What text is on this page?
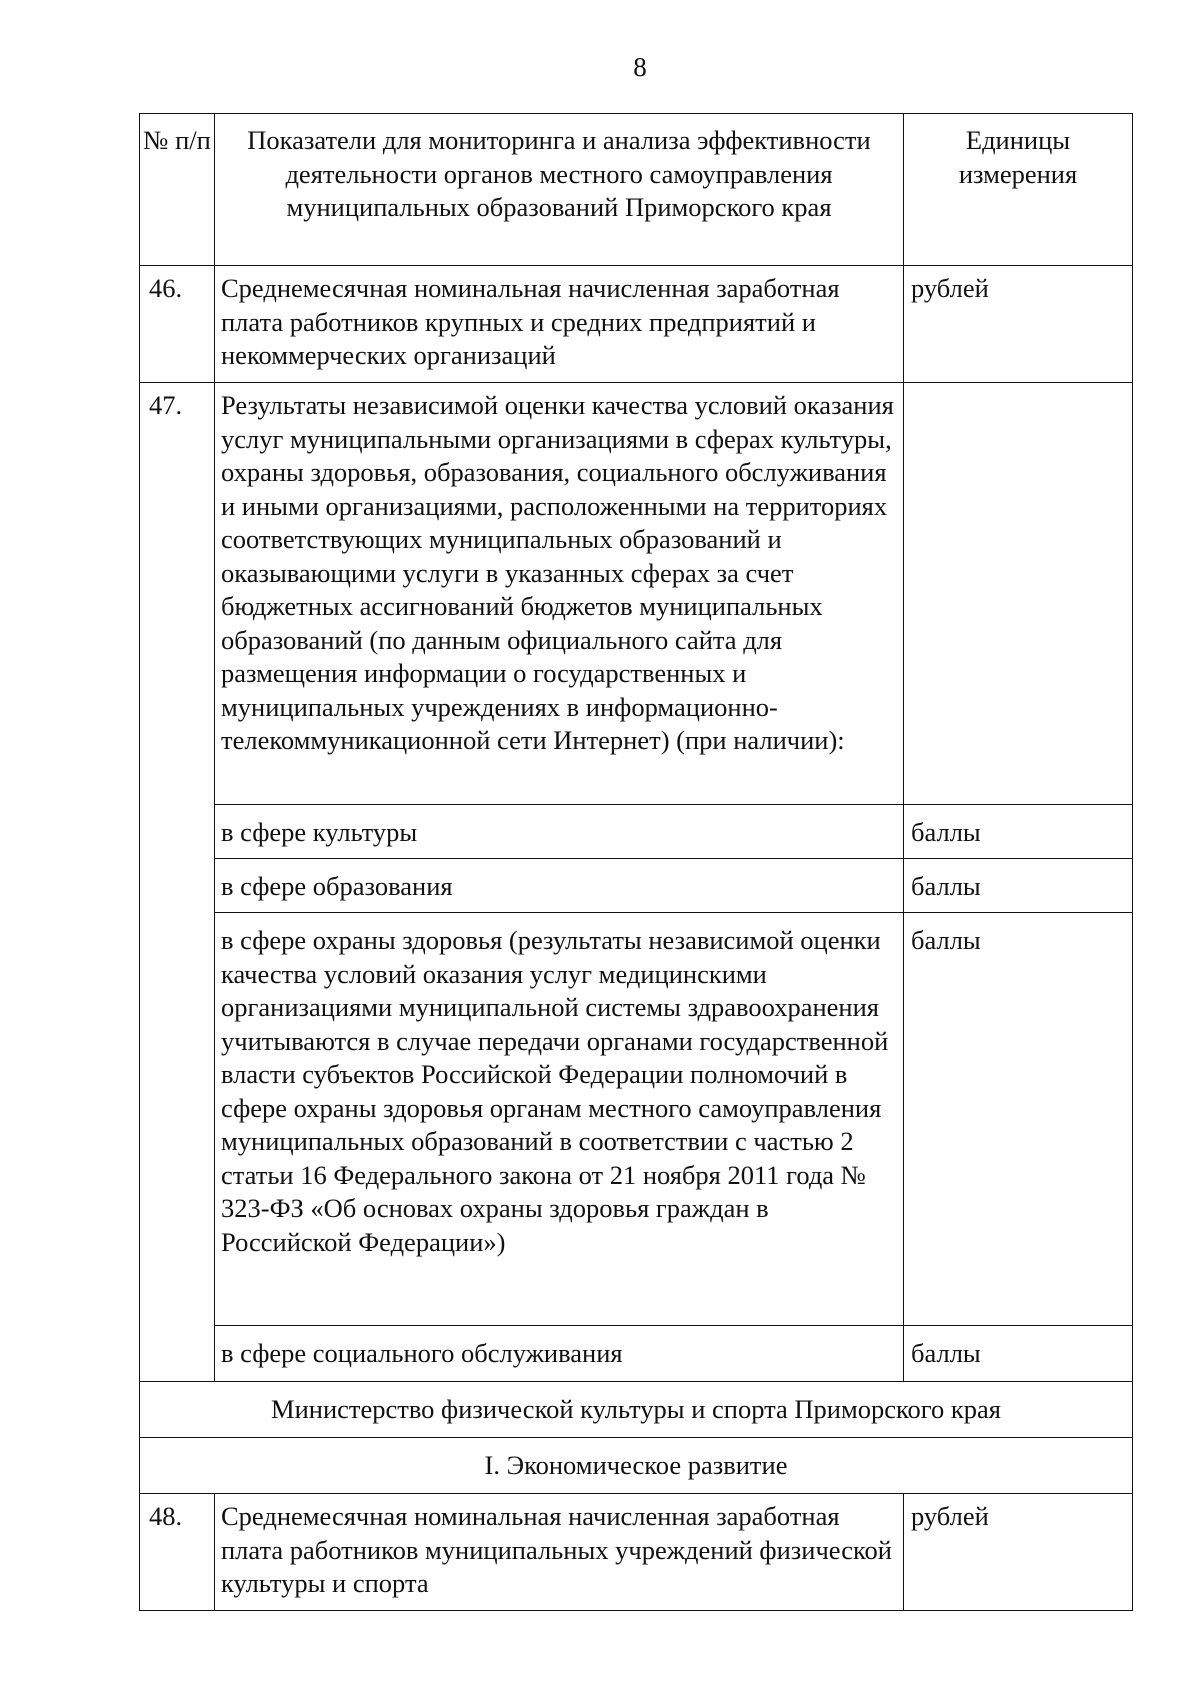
8
№ п/п	Показатели для мониторинга и анализа эффективности деятельности органов местного самоуправления муниципальных образований Приморского края	Единицы измерения
46.	Среднемесячная номинальная начисленная заработная плата работников крупных и средних предприятий и некоммерческих организаций	рублей
47.	Результаты независимой оценки качества условий оказания услуг муниципальными организациями в сферах культуры, охраны здоровья, образования, социального обслуживания и иными организациями, расположенными на территориях соответствующих муниципальных образований и оказывающими услуги в указанных сферах за счет бюджетных ассигнований бюджетов муниципальных образований (по данным официального сайта для размещения информации о государственных и муниципальных учреждениях в информационно-телекоммуникационной сети Интернет) (при наличии):	
	в сфере культуры	баллы
	в сфере образования	баллы
	в сфере охраны здоровья (результаты независимой оценки качества условий оказания услуг медицинскими организациями муниципальной системы здравоохранения учитываются в случае передачи органами государственной власти субъектов Российской Федерации полномочий в сфере охраны здоровья органам местного самоуправления муниципальных образований в соответствии с частью 2 статьи 16 Федерального закона от 21 ноября 2011 года № 323-ФЗ «Об основах охраны здоровья граждан в Российской Федерации»)	баллы
	в сфере социального обслуживания	баллы
Министерство физической культуры и спорта Приморского края		
I. Экономическое развитие		
48.	Среднемесячная номинальная начисленная заработная плата работников муниципальных учреждений физической культуры и спорта	рублей
